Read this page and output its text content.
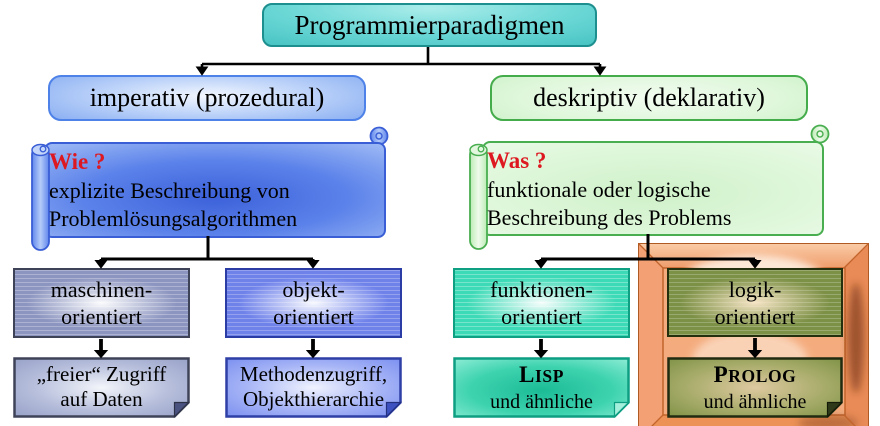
Programmierparadigmen
imperativ (prozedural)	deskriptiv (deklarativ)
Wie ?
explizite Beschreibung von
Problemlösungsalgorithmen
Was ?
funktionale oder logische
Beschreibung des Problems
maschinen-
orientiert
objekt-
orientiert
funktionen-
orientiert
logik-
orientiert
„freier“ Zugriff
auf Daten
Methodenzugriff,
Objekthierarchie
LISP
und ähnliche
PROLOG
und ähnliche
